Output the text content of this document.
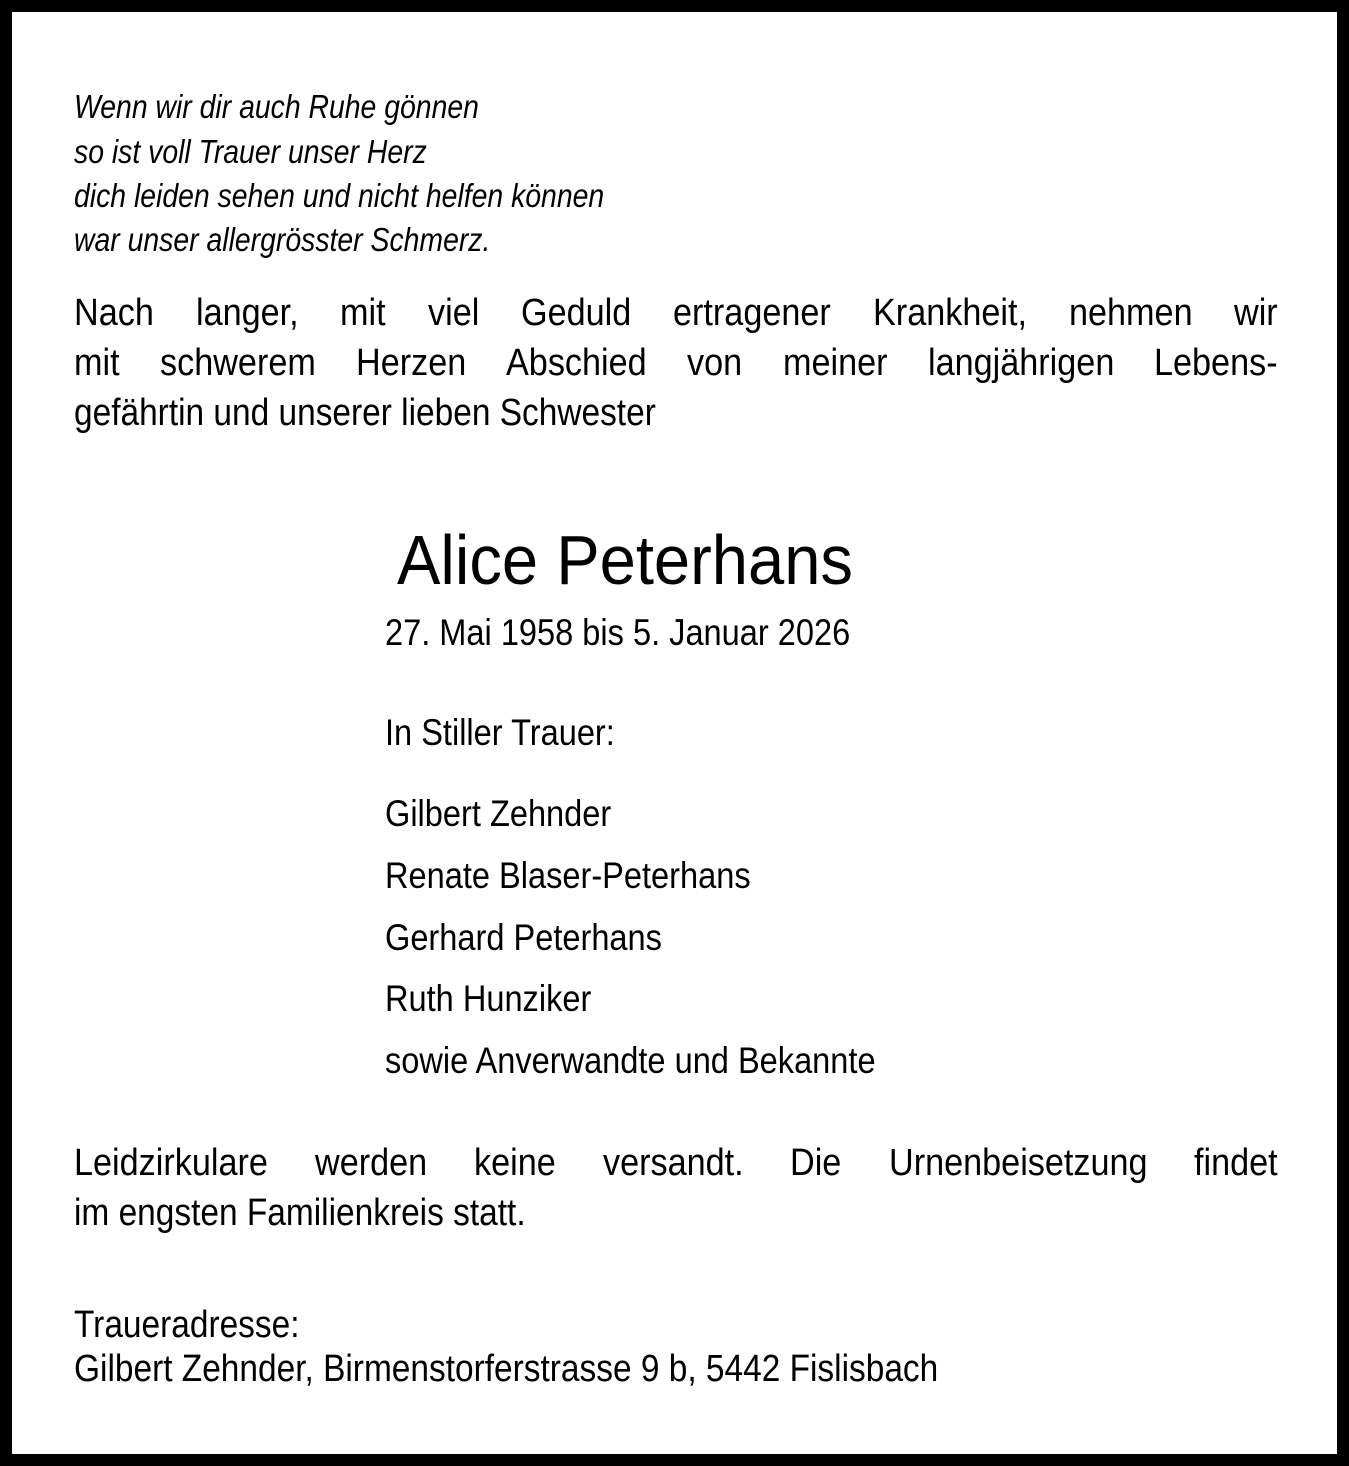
Wenn wir dir auch Ruhe gönnen
so ist voll Trauer unser Herz
dich leiden sehen und nicht helfen können
war unser allergrösster Schmerz.
Nach langer, mit viel Geduld ertragener Krankheit, nehmen wir
mit schwerem Herzen Abschied von meiner langjährigen Lebens-
gefährtin und unserer lieben Schwester
Alice Peterhans
27. Mai 1958 bis 5. Januar 2026
In Stiller Trauer:
Gilbert Zehnder
Renate Blaser-Peterhans
Gerhard Peterhans
Ruth Hunziker
sowie Anverwandte und Bekannte
Leidzirkulare werden keine versandt. Die Urnenbeisetzung findet
im engsten Familienkreis statt.
Traueradresse:
Gilbert Zehnder, Birmenstorferstrasse 9 b, 5442 Fislisbach
